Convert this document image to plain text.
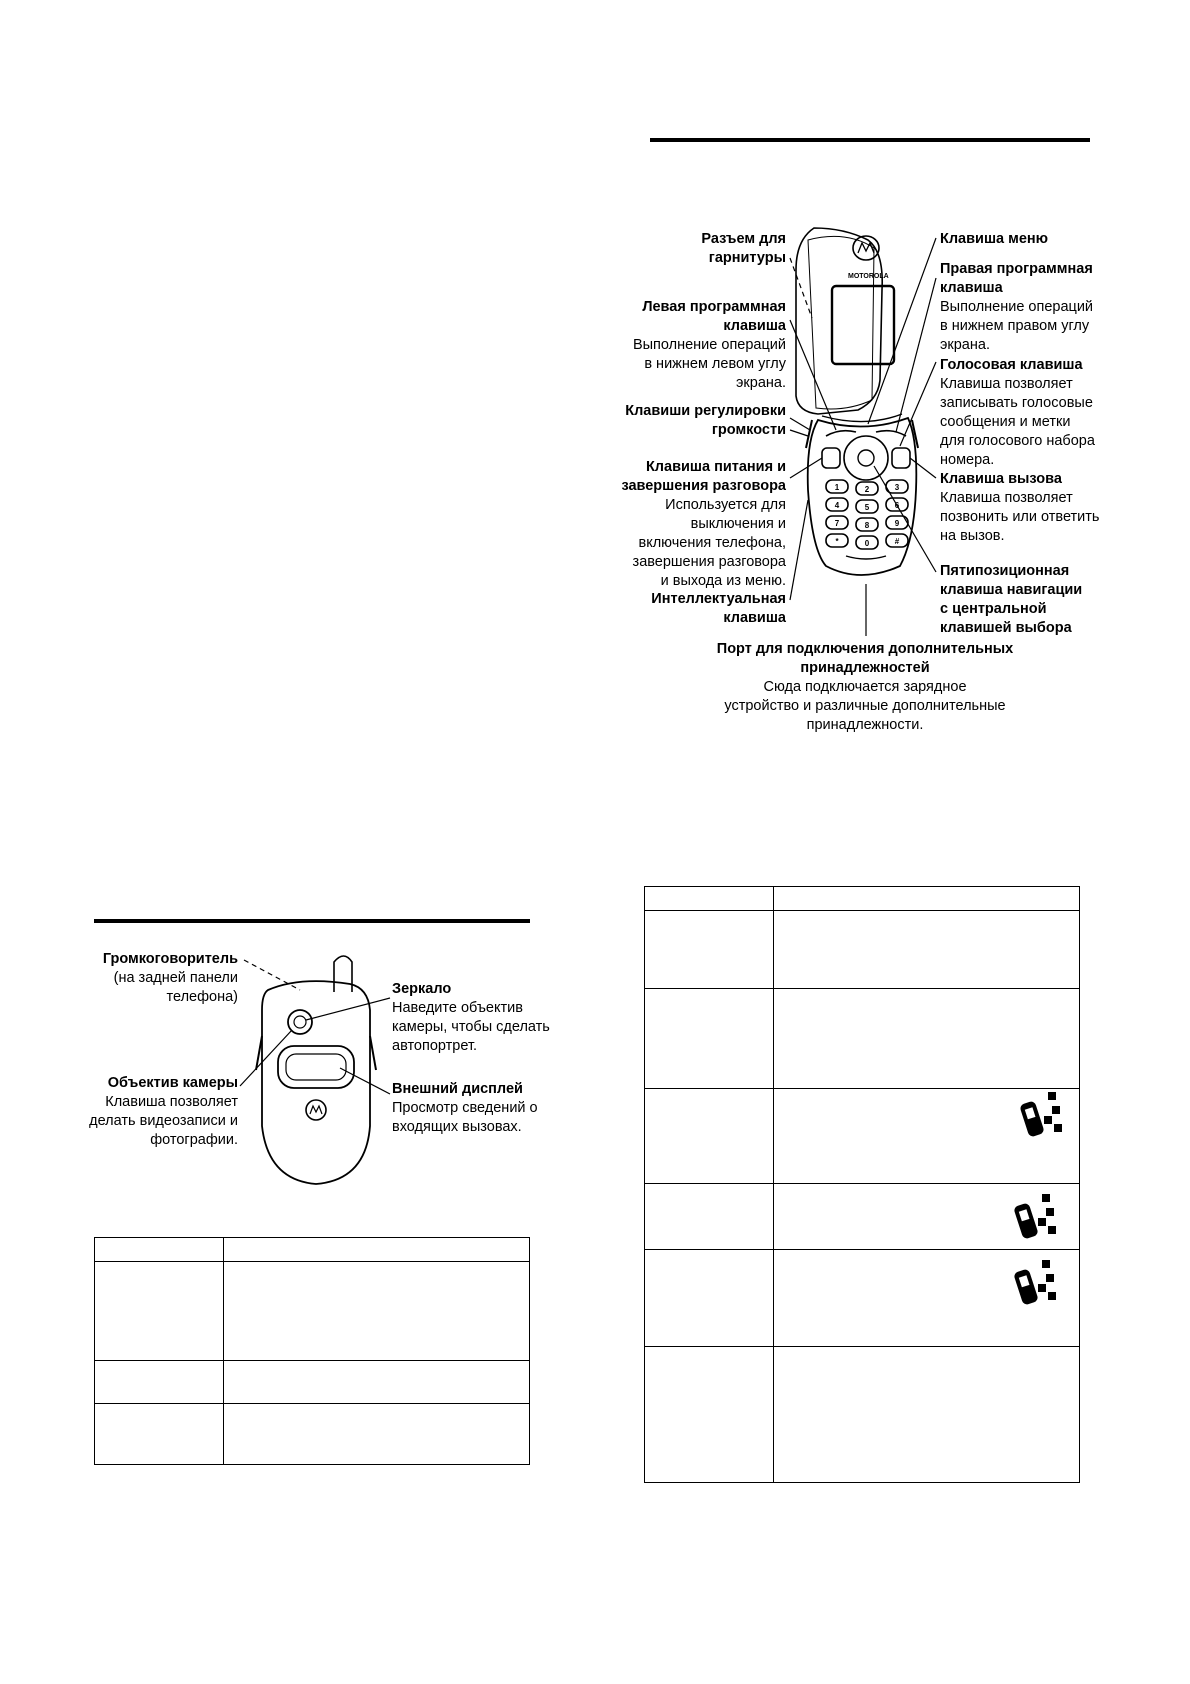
MOTOROLA
1	2	3
4	5	6
7	8	9
*	0	#
Разъем для
гарнитуры
Левая программная
клавиша
Выполнение операций
в нижнем левом углу
экрана.
Клавиши регулировки
громкости
Клавиша питания и
завершения разговора
Используется для
выключения и
включения телефона,
завершения разговора
и выхода из меню.
Интеллектуальная
клавиша
Клавиша меню
Правая программная
клавиша
Выполнение операций
в нижнем правом углу
экрана.
Голосовая клавиша
Клавиша позволяет
записывать голосовые
сообщения и метки
для голосового набора
номера.
Клавиша вызова
Клавиша позволяет
позвонить или ответить
на вызов.
Пятипозиционная
клавиша навигации
с центральной
клавишей выбора
Порт для подключения дополнительных
принадлежностей
Сюда подключается зарядное
устройство и различные дополнительные
принадлежности.
Громкоговоритель
(на задней панели
телефона)
Объектив камеры
Клавиша позволяет
делать видеозаписи и
фотографии.
Зеркало
Наведите объектив
камеры, чтобы сделать
автопортрет.
Внешний дисплей
Просмотр сведений о
входящих вызовах.
